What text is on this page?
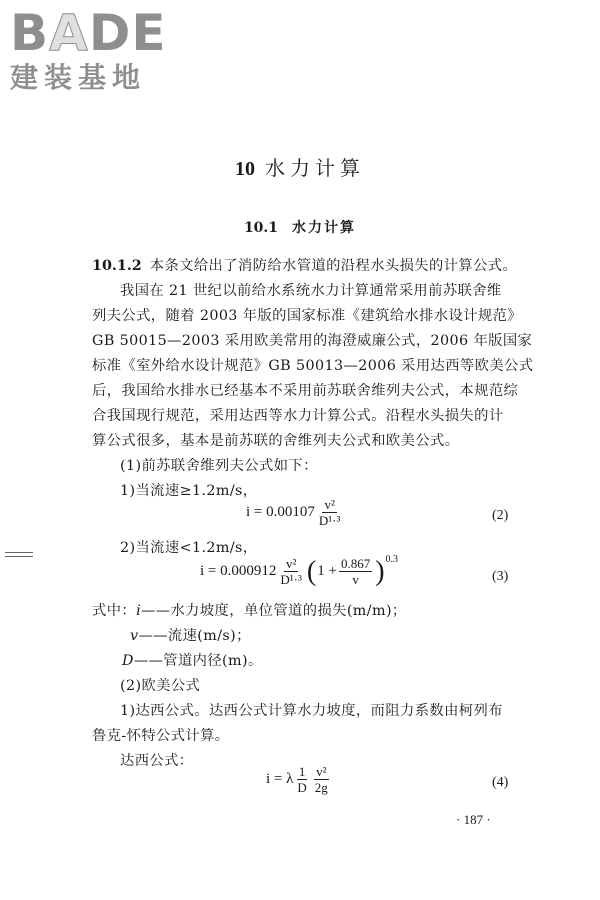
B A DE
建装基地
10 水力计算
10.1 水力计算
10.1.2 本条文给出了消防给水管道的沿程水头损失的计算公式。
我国在 21 世纪以前给水系统水力计算通常采用前苏联舍维
列夫公式，随着 2003 年版的国家标准《建筑给水排水设计规范》
GB 50015—2003 采用欧美常用的海澄威廉公式，2006 年版国家
标准《室外给水设计规范》GB 50013—2006 采用达西等欧美公式
后，我国给水排水已经基本不采用前苏联舍维列夫公式，本规范综
合我国现行规范，采用达西等水力计算公式。沿程水头损失的计
算公式很多，基本是前苏联的舍维列夫公式和欧美公式。
(1)前苏联舍维列夫公式如下：
1)当流速≥1.2m/s，
$i = 0.00107 \frac{\text{v²}}{\text{D¹·³}}$	(2)
2)当流速<1.2m/s，
$i = 0.000912 \frac{\text{v²}}{\text{D¹·³}}$ ( $1 + \frac{0.867}{v} )^{0.3}$
(3)
式中：i——水力坡度，单位管道的损失(m/m)；
v——流速(m/s)；
D——管道内径(m)。
(2)欧美公式
1)达西公式。达西公式计算水力坡度，而阻力系数由柯列布
鲁克-怀特公式计算。
达西公式：
i = λ $\frac{1}{D} \frac{\text{v²}}{2g}$	(4)
· 187 ·
